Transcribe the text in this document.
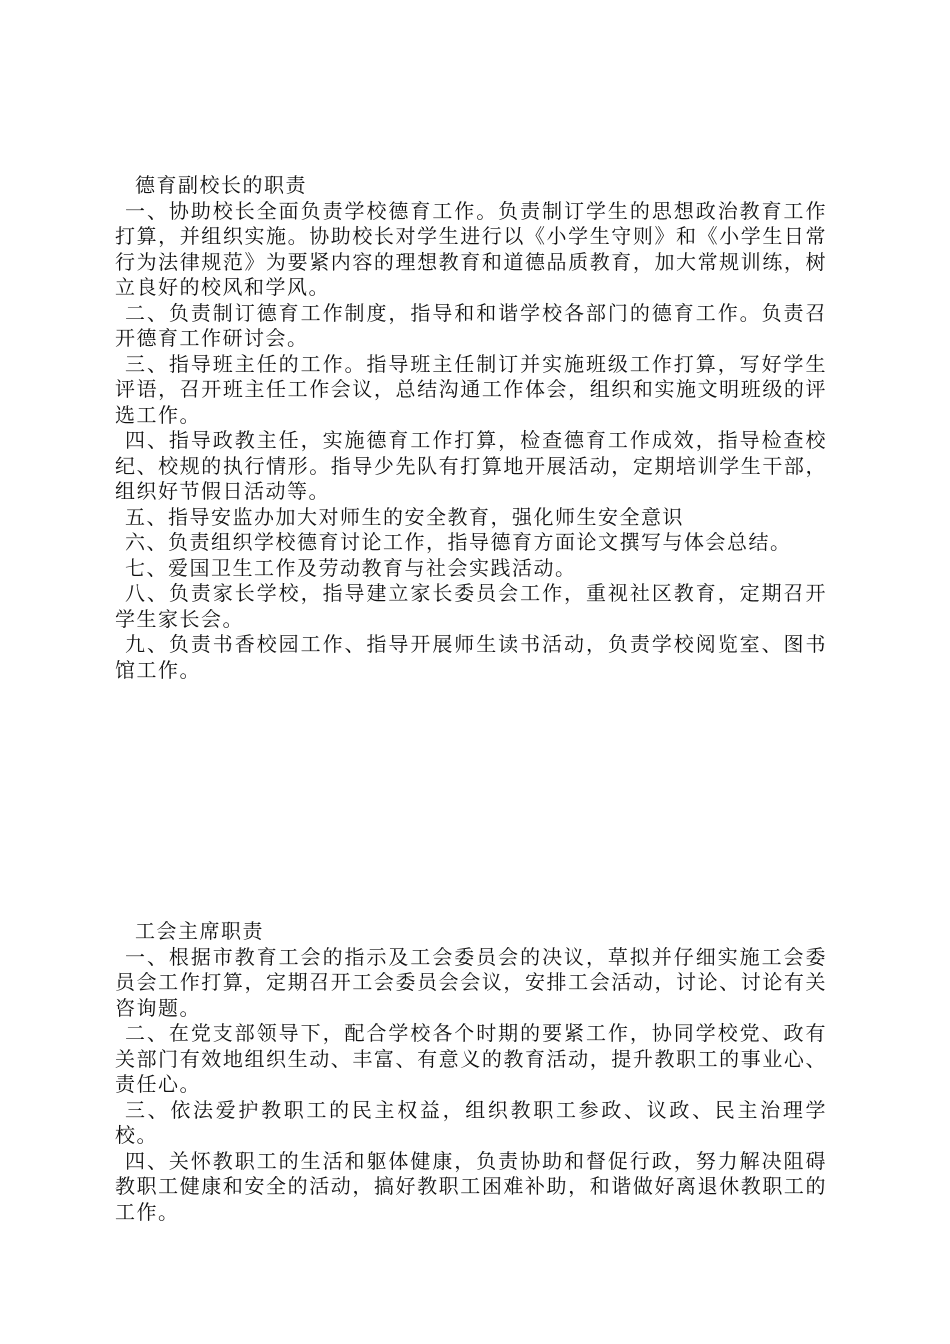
德育副校长的职责

一、协助校长全面负责学校德育工作。负责制订学生的思想政治教育工作打算，并组织实施。协助校长对学生进行以《小学生守则》和《小学生日常行为法律规范》为要紧内容的理想教育和道德品质教育，加大常规训练，树立良好的校风和学风。

二、负责制订德育工作制度，指导和和谐学校各部门的德育工作。负责召开德育工作研讨会。

三、指导班主任的工作。指导班主任制订并实施班级工作打算，写好学生评语，召开班主任工作会议，总结沟通工作体会，组织和实施文明班级的评选工作。

四、指导政教主任，实施德育工作打算，检查德育工作成效，指导检查校纪、校规的执行情形。指导少先队有打算地开展活动，定期培训学生干部，组织好节假日活动等。

五、指导安监办加大对师生的安全教育，强化师生安全意识

六、负责组织学校德育讨论工作，指导德育方面论文撰写与体会总结。

七、爱国卫生工作及劳动教育与社会实践活动。

八、负责家长学校，指导建立家长委员会工作，重视社区教育，定期召开学生家长会。

九、负责书香校园工作、指导开展师生读书活动，负责学校阅览室、图书馆工作。

工会主席职责

一、根据市教育工会的指示及工会委员会的决议，草拟并仔细实施工会委员会工作打算，定期召开工会委员会会议，安排工会活动，讨论、讨论有关咨询题。

二、在党支部领导下，配合学校各个时期的要紧工作，协同学校党、政有关部门有效地组织生动、丰富、有意义的教育活动，提升教职工的事业心、责任心。

三、依法爱护教职工的民主权益，组织教职工参政、议政、民主治理学校。

四、关怀教职工的生活和躯体健康，负责协助和督促行政，努力解决阻碍教职工健康和安全的活动，搞好教职工困难补助，和谐做好离退休教职工的工作。
